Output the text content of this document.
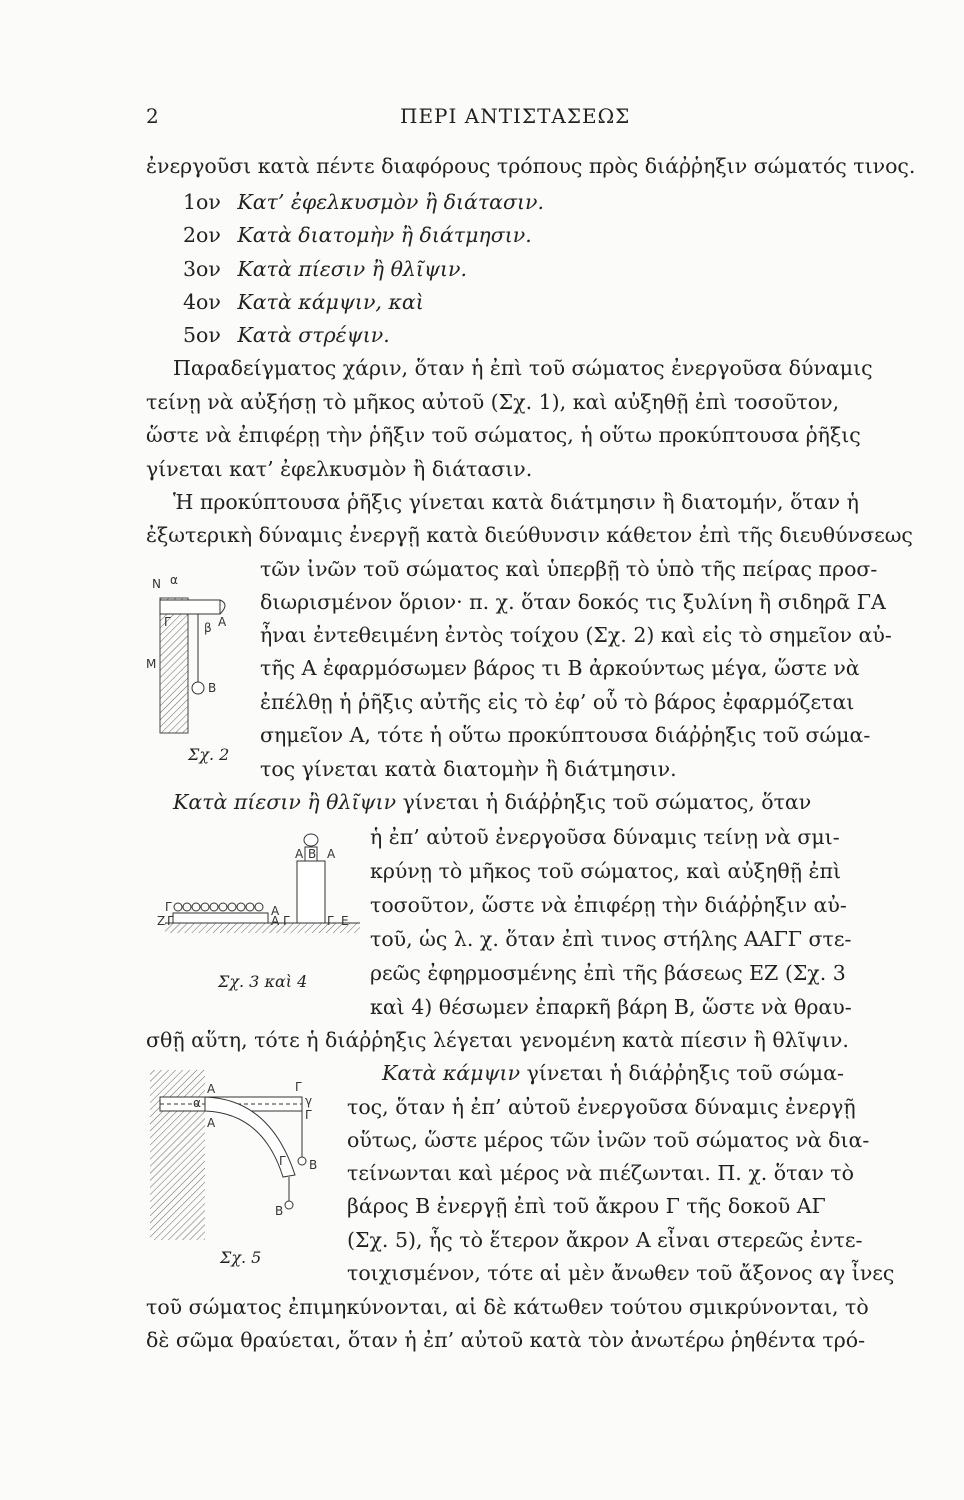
2	ΠΕΡΙ ΑΝΤΙΣΤΑΣΕΩΣ
ἐνεργοῦσι κατὰ πέντε διαφόρους τρόπους πρὸς διάῤῥηξιν σώματός τινος.
1ον Κατ’ ἐφελκυσμὸν ἢ διάτασιν.
2ον Κατὰ διατομὴν ἢ διάτμησιν.
3ον Κατὰ πίεσιν ἢ θλῖψιν.
4ον Κατὰ κάμψιν, καὶ
5ον Κατὰ στρέψιν.
Παραδείγματος χάριν, ὅταν ἡ ἐπὶ τοῦ σώματος ἐνεργοῦσα δύναμις
τείνῃ νὰ αὐξήσῃ τὸ μῆκος αὐτοῦ (Σχ. 1), καὶ αὐξηθῇ ἐπὶ τοσοῦτον,
ὥστε νὰ ἐπιφέρῃ τὴν ῥῆξιν τοῦ σώματος, ἡ οὕτω προκύπτουσα ῥῆξις
γίνεται κατ’ ἐφελκυσμὸν ἢ διάτασιν.
Ἡ προκύπτουσα ῥῆξις γίνεται κατὰ διάτμησιν ἢ διατομήν, ὅταν ἡ
ἐξωτερικὴ δύναμις ἐνεργῇ κατὰ διεύθυνσιν κάθετον ἐπὶ τῆς διευθύνσεως
τῶν ἰνῶν τοῦ σώματος καὶ ὑπερβῇ τὸ ὑπὸ τῆς πείρας προσ-
διωρισμένον ὅριον· π. χ. ὅταν δοκός τις ξυλίνη ἢ σιδηρᾶ ΓΑ
ἦναι ἐντεθειμένη ἐντὸς τοίχου (Σχ. 2) καὶ εἰς τὸ σημεῖον αὐ-
τῆς Α ἐφαρμόσωμεν βάρος τι Β ἀρκούντως μέγα, ὥστε νὰ
ἐπέλθῃ ἡ ῥῆξις αὐτῆς εἰς τὸ ἐφ’ οὗ τὸ βάρος ἐφαρμόζεται
σημεῖον Α, τότε ἡ οὕτω προκύπτουσα διάῤῥηξις τοῦ σώμα-
τος γίνεται κατὰ διατομὴν ἢ διάτμησιν.
Κατὰ πίεσιν ἢ θλῖψιν γίνεται ἡ διάῤῥηξις τοῦ σώματος, ὅταν
ἡ ἐπ’ αὐτοῦ ἐνεργοῦσα δύναμις τείνῃ νὰ σμι-
κρύνῃ τὸ μῆκος τοῦ σώματος, καὶ αὐξηθῇ ἐπὶ
τοσοῦτον, ὥστε νὰ ἐπιφέρῃ τὴν διάῤῥηξιν αὐ-
τοῦ, ὡς λ. χ. ὅταν ἐπὶ τινος στήλης ΑΑΓΓ στε-
ρεῶς ἐφηρμοσμένης ἐπὶ τῆς βάσεως ΕΖ (Σχ. 3
καὶ 4) θέσωμεν ἐπαρκῆ βάρη Β, ὥστε νὰ θραυ-
σθῇ αὕτη, τότε ἡ διάῤῥηξις λέγεται γενομένη κατὰ πίεσιν ἢ θλῖψιν.
Κατὰ κάμψιν γίνεται ἡ διάῤῥηξις τοῦ σώμα-
τος, ὅταν ἡ ἐπ’ αὐτοῦ ἐνεργοῦσα δύναμις ἐνεργῇ
οὕτως, ὥστε μέρος τῶν ἰνῶν τοῦ σώματος νὰ δια-
τείνωνται καὶ μέρος νὰ πιέζωνται. Π. χ. ὅταν τὸ
βάρος Β ἐνεργῇ ἐπὶ τοῦ ἄκρου Γ τῆς δοκοῦ ΑΓ
(Σχ. 5), ἧς τὸ ἕτερον ἄκρον Α εἶναι στερεῶς ἐντε-
τοιχισμένον, τότε αἱ μὲν ἄνωθεν τοῦ ἄξονος αγ ἶνες
τοῦ σώματος ἐπιμηκύνονται, αἱ δὲ κάτωθεν τούτου σμικρύνονται, τὸ
δὲ σῶμα θραύεται, ὅταν ἡ ἐπ’ αὐτοῦ κατὰ τὸν ἀνωτέρω ῥηθέντα τρό-
Ν α
Γ	β Α
Μ
Β
Σχ. 2
Β
Α Α
Γ	Α
Ζ Γ	Α Γ	Γ Ε
Σχ. 3 καὶ 4
Α	Γ
α	γ
Α
Γ
Γ Β
Β
Σχ. 5
